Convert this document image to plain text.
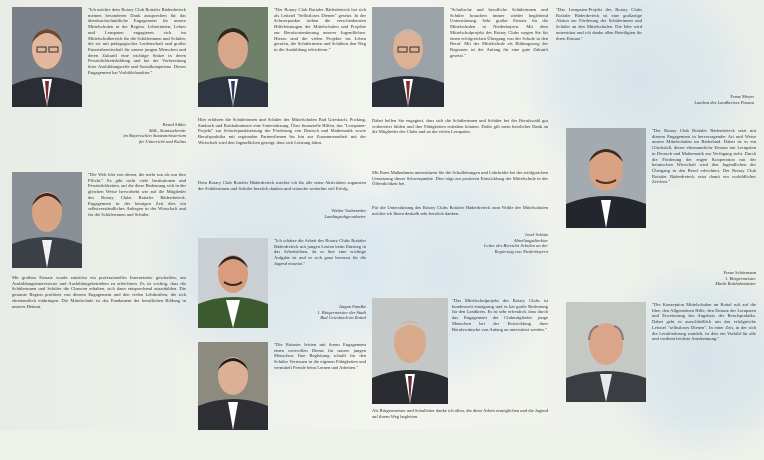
"Ich möchte dem Rotary Club Rottaler Bäderdreieck meinen besonderen Dank aussprechen für das überdurchschnittliche Engagement für unsere Mittelschulen in der Region. Lehrerinnen, Lehrer und Lernpaten engagieren sich im Mittelschulbereich für die Schülerinnen und Schüler, die sie mit pädagogischer Leidenschaft und großer Einsatzbereitschaft für unsere jungen Menschen und deren Zukunft eine wichtige Stütze in deren Persönlichkeitsbildung und bei der Vorbereitung ihrer Ausbildungsreife und Sozialkompetenz. Dieses Engagement hat Vorbildcharakter."
Bernd Sibler
MdL, Staatssekretär
im Bayerischen Staatsministerium
für Unterricht und Kultus
"Die Welt lebt von denen, die mehr tun als nur ihre Pflicht." Es gibt nicht viele Institutionen und Persönlichkeiten, auf die diese Bedeutung sich in der gleichen Weise hervorhebt wie auf die Mitglieder des Rotary Clubs Rottaler Bäderdreieck. Engagement in der heutigen Zeit dies ein selbstverständliches Anliegen in der Wirtschaft und für die Schülerinnen und Schüler.
Mit großem Einsatz wurde zunächst ein professionelles Internetseite geschaffen, um Ausbildungsinteressierte und Ausbildungsbetrieben zu erleichtern. Es ist wichtig, dass die Schülerinnen und Schüler die Chancen erhalten, sich dann entsprechend auszubilden. Die gesamte Region profitiert von diesem Engagement und den vielen Lehrkräften, die sich ehrenamtlich einbringen. Die Mittelschule ist das Fundament der beruflichen Bildung in unserer Heimat.
"Der Rotary Club Rottaler Bäderdreieck hat sich als Leitziel "Selbstloses Dienen" gesetzt. In der Schwerpunkte stehen die verschiedensten Hilfeleistungen der Mittelschulen und Projekte zur Berufsorientierung unserer Jugendlichen. Hierzu sind die vielen Projekte ins Leben gerufen, die Schülerinnen und Schülern den Weg in die Ausbildung erleichtern."
Hier erfahren die Schülerinnen und Schüler der Mittelschulen Bad Griesbach, Pocking, Simbach und Rotthalmünster eine Unterstützung. Über finanzielle Hilfen, das "Lernpaten-Projekt" zur Schwerpunktsetzung der Förderung von Deutsch und Mathematik sowie Berufspraktika mit regionalen Partnerfirmen bis hin zur Zusammenarbeit mit der Wirtschaft wird den Jugendlichen gezeigt, dass sich Leistung lohnt.
Dem Rotary Club Rottaler Bäderdreieck möchte ich für alle seine Aktivitäten zugunsten der Schülerinnen und Schüler herzlich danken und wünsche weiterhin viel Erfolg.
Walter Taubeneder
Landtagsabgeordneter
"Ich schätze die Arbeit des Rotary Clubs Rottaler Bäderdreieck mit jungen Leuten beim Einstieg in das Arbeitsleben, da es hier eine wichtige Aufgabe ist und es sich ganz bewusst für die Jugend einsetzt."
Jürgen Fundke
1. Bürgermeister der Stadt
Bad Griesbach im Rottal
"Die Rotarier leisten mit ihrem Engagement einen wertvollen Dienst für unsere jungen Menschen. Ihre Begleitung schafft für den Schüler Vertrauen in die eigenen Fähigkeiten und vermittelt Freude beim Lernen und Arbeiten."
"Schulische und berufliche Schülerinnen und Schüler brauchen immer wieder begleitend Unterstützung. Sehr großer Einsatz für die Mittelschulen in Niederbayern. Mit dem Mittelschulprojekt des Rotary Clubs sorgen Sie für einen erfolgreichen Übergang von der Schule in den Beruf. Mit der Mittelschule als Bildungsweg der Regionen ist der Anfang für eine gute Zukunft gesetzt."
Dabei helfen Sie engagiert, dass sich die Schülerinnen und Schüler bei der Berufswahl gut vorbereitet fühlen und ihre Fähigkeiten entfalten können. Dafür gilt mein herzlicher Dank an die Mitglieder des Clubs und an die vielen Lernpaten.
Mit Ihren Maßnahmen unterstützen Sie die Schulleitungen und Lehrkräfte bei der erfolgreichen Umsetzung dieser Schwerpunkte. Dies trägt zur positiven Entwicklung der Mittelschule in der Öffentlichkeit bei.
Für die Unterstützung des Rotary Clubs Rottaler Bäderdreieck zum Wohle der Mittelschulen möchte ich Ihnen deshalb sehr herzlich danken.
Josef Schütz
Abteilungsdirektor
Leiter des Bereichs Schulen an der
Regierung von Niederbayern
"Das Mittelschulprojekt des Rotary Clubs ist bundesweit einzigartig und es hat große Bedeutung für den Landkreis. Es ist sehr erfreulich, dass durch das Engagement der Clubmitglieder junge Menschen bei der Entwicklung ihrer Berufswünsche von Anfang an unterstützt werden."
Als Bürgermeister und Schulleiter danke ich allen, die diese Arbeit ermöglichen und die Jugend auf ihrem Weg begleiten.
"Das Lernpaten-Projekt des Rotary Clubs Rottaler Bäderdreieck ist eine großartige Aktion zur Förderung der Schülerinnen und Schüler an den Mittelschulen. Die Idee wird unterstützt und ich danke allen Beteiligten für ihren Einsatz."
Franz Meyer
Landrat des Landkreises Passau
"Der Rotary Club Rottaler Bäderdreieck setzt mit diesem Engagement in hervorragender Art und Weise unsere Mittelschulen im Bäderland. Dabei ist es ein Glücksfall, dieser ehrenamtliche Einsatz mit Lernpaten in Deutsch und Mathematik zur Verfügung steht. Durch die Förderung der engen Kooperation mit der heimischen Wirtschaft wird den Jugendlichen der Übergang in den Beruf erleichtert. Der Rotary Club Rottaler Bäderdreieck setzt damit ein vorbildliches Zeichen."
Franz Schörmann
1. Bürgermeister
Markt Rotthalmünster
"Die Konzeption Mittelschulen im Rottal ruft auf die Idee, den Allgemeinen Hilfe, den Einsatz der Lernpaten und Erweiterung des Angebots der Berufspraktika. Dabei geht es ausschließlich um das erfolgreiche Leitziel "selbstloses Dienen". In einer Zeit, in der sich die Lernförderung wandelt, ist dies ein Vorbild für alle und verdient höchste Anerkennung."
